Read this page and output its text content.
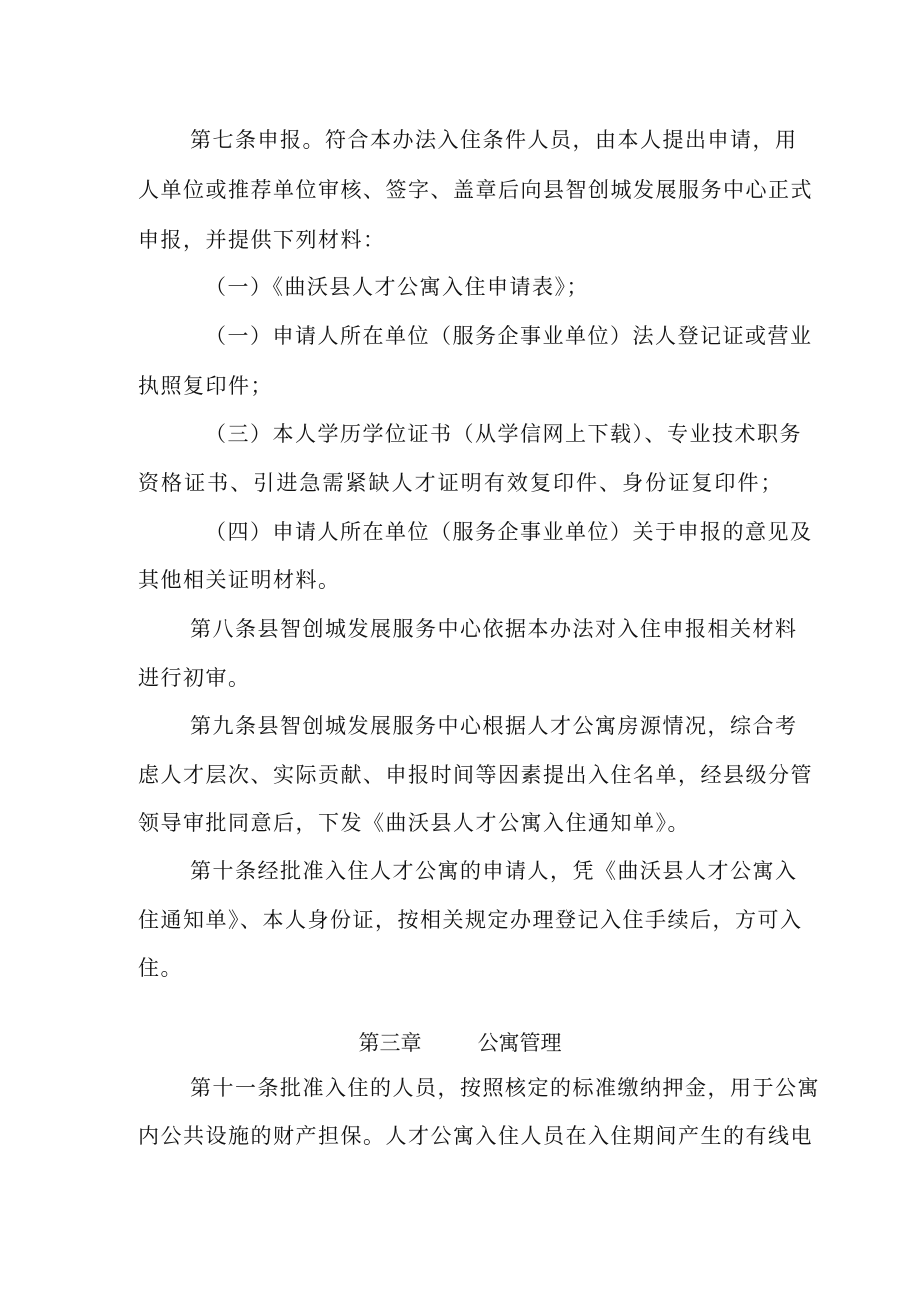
第七条申报。符合本办法入住条件人员，由本人提出申请，用
人单位或推荐单位审核、签字、盖章后向县智创城发展服务中心正式
申报，并提供下列材料：
（一）《曲沃县人才公寓入住申请表》；
（一）申请人所在单位（服务企事业单位）法人登记证或营业
执照复印件；
（三）本人学历学位证书（从学信网上下载）、专业技术职务
资格证书、引进急需紧缺人才证明有效复印件、身份证复印件；
（四）申请人所在单位（服务企事业单位）关于申报的意见及
其他相关证明材料。
第八条县智创城发展服务中心依据本办法对入住申报相关材料
进行初审。
第九条县智创城发展服务中心根据人才公寓房源情况，综合考
虑人才层次、实际贡献、申报时间等因素提出入住名单，经县级分管
领导审批同意后，下发《曲沃县人才公寓入住通知单》。
第十条经批准入住人才公寓的申请人，凭《曲沃县人才公寓入
住通知单》、本人身份证，按相关规定办理登记入住手续后，方可入
住。
第三章	公寓管理
第十一条批准入住的人员，按照核定的标准缴纳押金，用于公寓
内公共设施的财产担保。人才公寓入住人员在入住期间产生的有线电
